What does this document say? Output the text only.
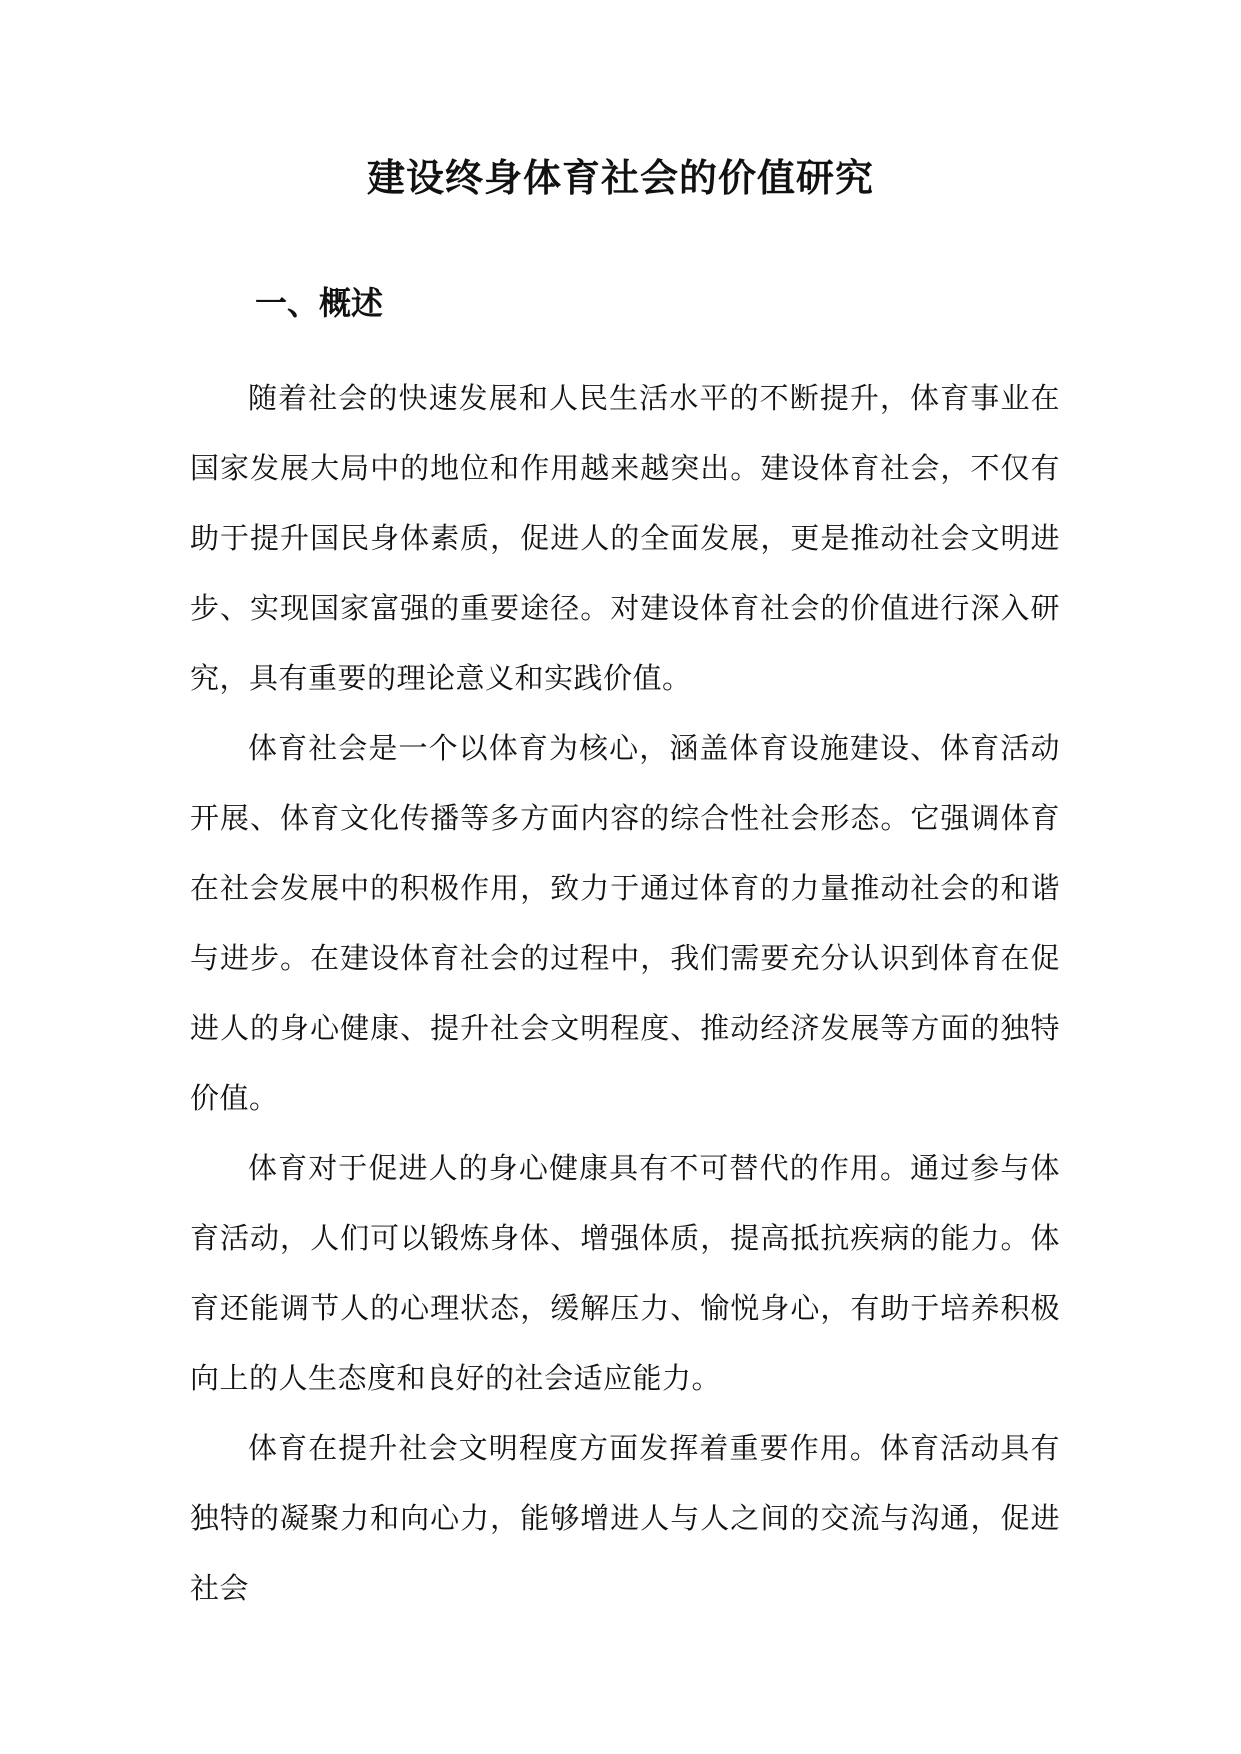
建设终身体育社会的价值研究
一、概述

随着社会的快速发展和人民生活水平的不断提升，体育事业在国家发展大局中的地位和作用越来越突出。建设体育社会，不仅有助于提升国民身体素质，促进人的全面发展，更是推动社会文明进步、实现国家富强的重要途径。对建设体育社会的价值进行深入研究，具有重要的理论意义和实践价值。

体育社会是一个以体育为核心，涵盖体育设施建设、体育活动开展、体育文化传播等多方面内容的综合性社会形态。它强调体育在社会发展中的积极作用，致力于通过体育的力量推动社会的和谐与进步。在建设体育社会的过程中，我们需要充分认识到体育在促进人的身心健康、提升社会文明程度、推动经济发展等方面的独特价值。

体育对于促进人的身心健康具有不可替代的作用。通过参与体育活动，人们可以锻炼身体、增强体质，提高抵抗疾病的能力。体育还能调节人的心理状态，缓解压力、愉悦身心，有助于培养积极向上的人生态度和良好的社会适应能力。

体育在提升社会文明程度方面发挥着重要作用。体育活动具有独特的凝聚力和向心力，能够增进人与人之间的交流与沟通，促进社会
